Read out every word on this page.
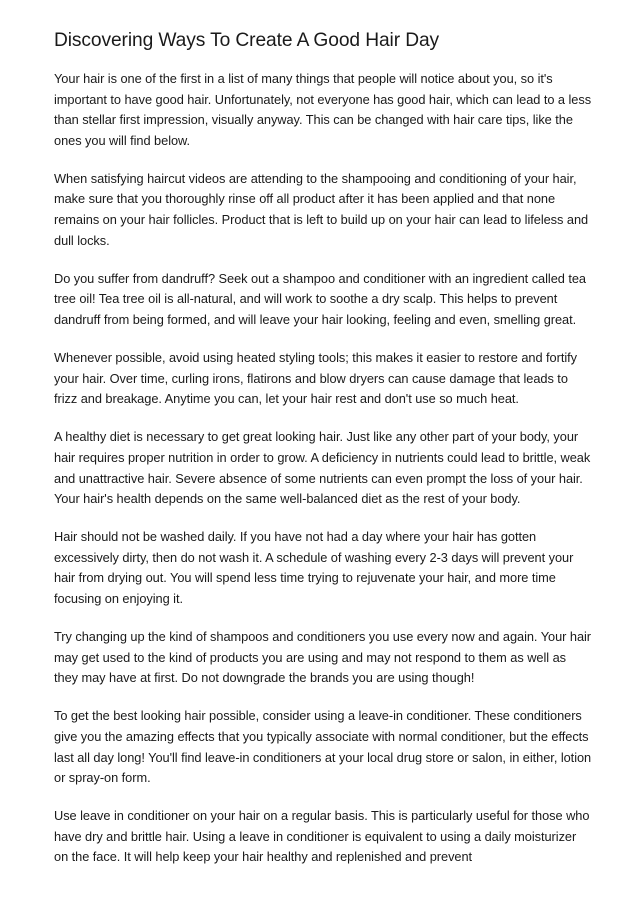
Discovering Ways To Create A Good Hair Day

Your hair is one of the first in a list of many things that people will notice about you, so it's important to have good hair. Unfortunately, not everyone has good hair, which can lead to a less than stellar first impression, visually anyway. This can be changed with hair care tips, like the ones you will find below.

When satisfying haircut videos are attending to the shampooing and conditioning of your hair, make sure that you thoroughly rinse off all product after it has been applied and that none remains on your hair follicles. Product that is left to build up on your hair can lead to lifeless and dull locks.

Do you suffer from dandruff? Seek out a shampoo and conditioner with an ingredient called tea tree oil! Tea tree oil is all-natural, and will work to soothe a dry scalp. This helps to prevent dandruff from being formed, and will leave your hair looking, feeling and even, smelling great.

Whenever possible, avoid using heated styling tools; this makes it easier to restore and fortify your hair. Over time, curling irons, flatirons and blow dryers can cause damage that leads to frizz and breakage. Anytime you can, let your hair rest and don't use so much heat.

A healthy diet is necessary to get great looking hair. Just like any other part of your body, your hair requires proper nutrition in order to grow. A deficiency in nutrients could lead to brittle, weak and unattractive hair. Severe absence of some nutrients can even prompt the loss of your hair. Your hair's health depends on the same well-balanced diet as the rest of your body.

Hair should not be washed daily. If you have not had a day where your hair has gotten excessively dirty, then do not wash it. A schedule of washing every 2-3 days will prevent your hair from drying out. You will spend less time trying to rejuvenate your hair, and more time focusing on enjoying it.

Try changing up the kind of shampoos and conditioners you use every now and again. Your hair may get used to the kind of products you are using and may not respond to them as well as they may have at first. Do not downgrade the brands you are using though!

To get the best looking hair possible, consider using a leave-in conditioner. These conditioners give you the amazing effects that you typically associate with normal conditioner, but the effects last all day long! You'll find leave-in conditioners at your local drug store or salon, in either, lotion or spray-on form.

Use leave in conditioner on your hair on a regular basis. This is particularly useful for those who have dry and brittle hair. Using a leave in conditioner is equivalent to using a daily moisturizer on the face. It will help keep your hair healthy and replenished and prevent
